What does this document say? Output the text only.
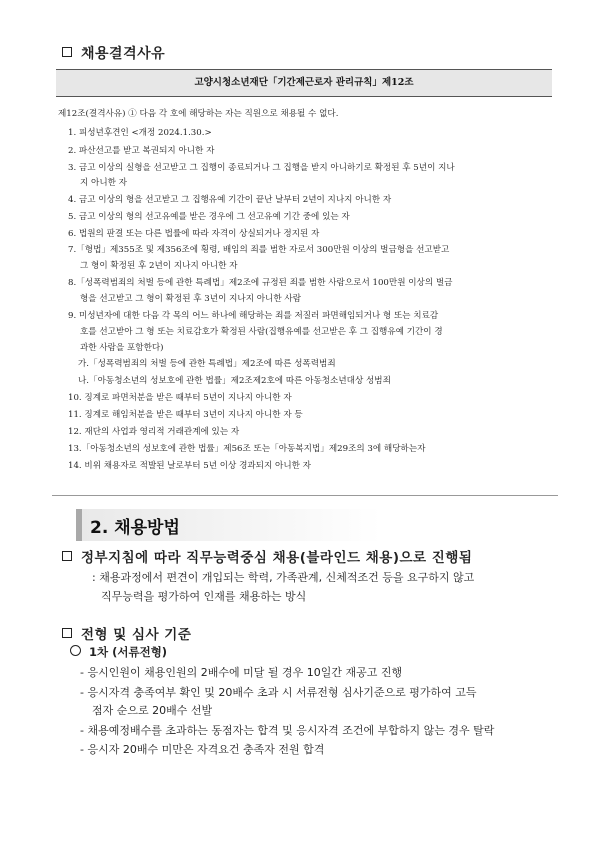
채용결격사유
고양시청소년재단「기간제근로자 관리규칙」제12조
제12조(결격사유) ① 다음 각 호에 해당하는 자는 직원으로 채용될 수 없다.
1. 피성년후견인 <개정 2024.1.30.>
2. 파산선고를 받고 복권되지 아니한 자
3. 금고 이상의 실형을 선고받고 그 집행이 종료되거나 그 집행을 받지 아니하기로 확정된 후 5년이 지나
지 아니한 자
4. 금고 이상의 형을 선고받고 그 집행유예 기간이 끝난 날부터 2년이 지나지 아니한 자
5. 금고 이상의 형의 선고유예를 받은 경우에 그 선고유예 기간 중에 있는 자
6. 법원의 판결 또는 다른 법률에 따라 자격이 상실되거나 정지된 자
7.「형법」제355조 및 제356조에 횡령, 배임의 죄를 범한 자로서 300만원 이상의 벌금형을 선고받고
그 형이 확정된 후 2년이 지나지 아니한 자
8.「성폭력범죄의 처벌 등에 관한 특례법」제2조에 규정된 죄를 범한 사람으로서 100만원 이상의 벌금
형을 선고받고 그 형이 확정된 후 3년이 지나지 아니한 사람
9. 미성년자에 대한 다음 각 목의 어느 하나에 해당하는 죄를 저질러 파면해임되거나 형 또는 치료감
호를 선고받아 그 형 또는 치료감호가 확정된 사람(집행유예를 선고받은 후 그 집행유예 기간이 경
과한 사람을 포함한다)
가.「성폭력범죄의 처벌 등에 관한 특례법」제2조에 따른 성폭력범죄
나.「아동청소년의 성보호에 관한 법률」제2조제2호에 따른 아동청소년대상 성범죄
10. 징계로 파면처분을 받은 때부터 5년이 지나지 아니한 자
11. 징계로 해임처분을 받은 때부터 3년이 지나지 아니한 자 등
12. 재단의 사업과 영리적 거래관계에 있는 자
13.「아동청소년의 성보호에 관한 법률」제56조 또는「아동복지법」제29조의 3에 해당하는자
14. 비위 채용자로 적발된 날로부터 5년 이상 경과되지 아니한 자
2. 채용방법
정부지침에 따라 직무능력중심 채용(블라인드 채용)으로 진행됨
: 채용과정에서 편견이 개입되는 학력, 가족관계, 신체적조건 등을 요구하지 않고
직무능력을 평가하여 인재를 채용하는 방식
전형 및 심사 기준
1차 (서류전형)
- 응시인원이 채용인원의 2배수에 미달 될 경우 10일간 재공고 진행
- 응시자격 충족여부 확인 및 20배수 초과 시 서류전형 심사기준으로 평가하여 고득
점자 순으로 20배수 선발
- 채용예정배수를 초과하는 동점자는 합격 및 응시자격 조건에 부합하지 않는 경우 탈락
- 응시자 20배수 미만은 자격요건 충족자 전원 합격
